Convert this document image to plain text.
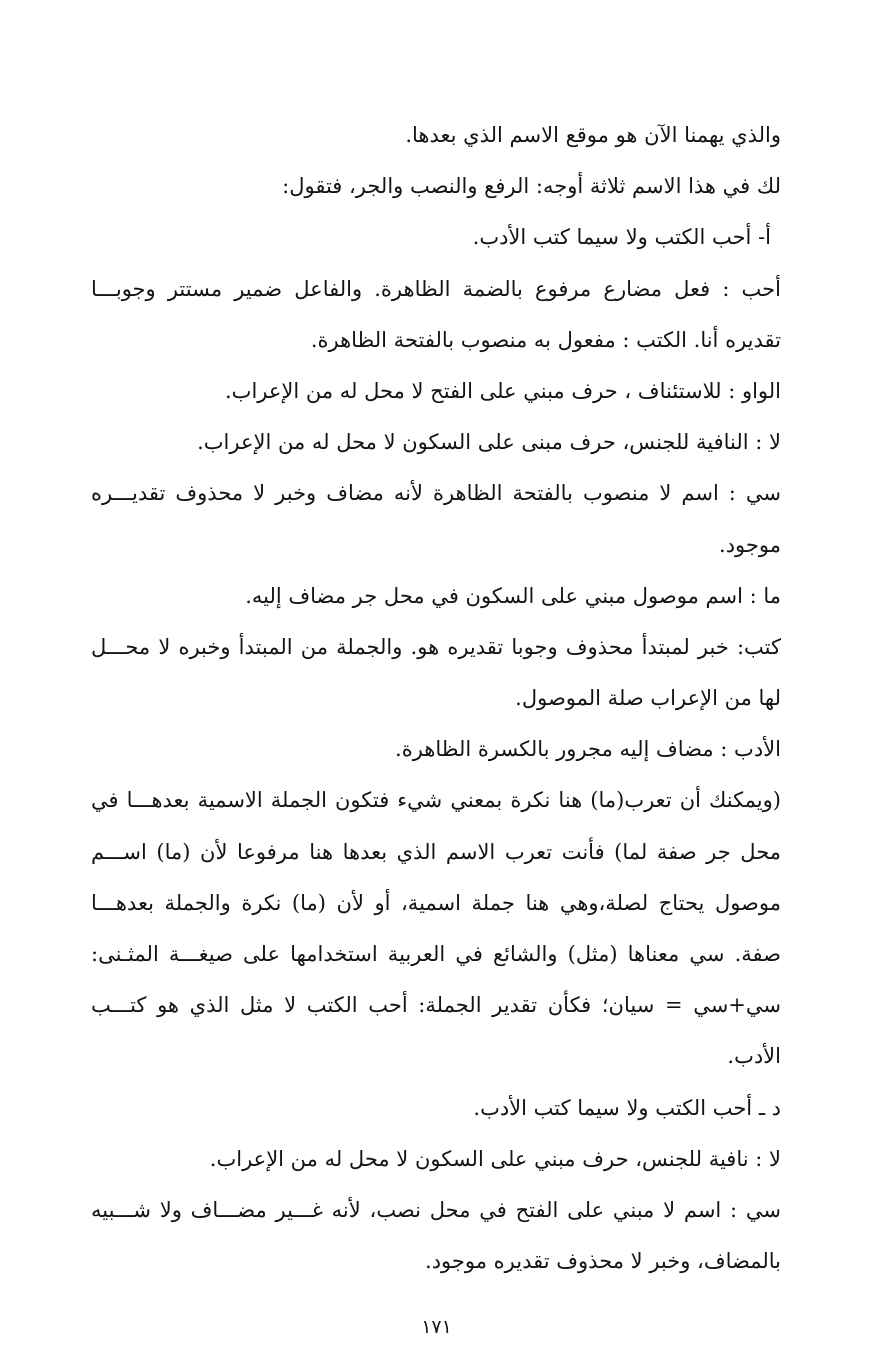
والذي يهمنا الآن هو موقع الاسم الذي بعدها.
لك في هذا الاسم ثلاثة أوجه: الرفع والنصب والجر، فتقول:
أ‌- أحب الكتب ولا سيما كتب الأدب.
أحب : فعل مضارع مرفوع بالضمة الظاهرة. والفاعل ضمير مستتر وجوبـــا
تقديره أنا. الكتب : مفعول به منصوب بالفتحة الظاهرة.
الواو : للاستئناف ، حرف مبني على الفتح لا محل له من الإعراب.
لا : النافية للجنس، حرف مبنى على السكون لا محل له من الإعراب.
سي : اسم لا منصوب بالفتحة الظاهرة لأنه مضاف وخبر لا محذوف تقديـــره
موجود.
ما : اسم موصول مبني على السكون في محل جر مضاف إليه.
كتب: خبر لمبتدأ محذوف وجوبا تقديره هو. والجملة من المبتدأ وخبره لا محـــل
لها من الإعراب صلة الموصول.
الأدب : مضاف إليه مجرور بالكسرة الظاهرة.
(ويمكنك أن تعرب(ما) هنا نكرة بمعني شيء فتكون الجملة الاسمية بعدهـــا في
محل جر صفة لما) فأنت تعرب الاسم الذي بعدها هنا مرفوعا لأن (ما) اســـم
موصول يحتاج لصلة،وهي هنا جملة اسمية، أو لأن (ما) نكرة والجملة بعدهـــا
صفة. سي معناها (مثل) والشائع في العربية استخدامها على صيغـــة المثـنى:
سي+سي = سيان؛ فكأن تقدير الجملة: أحب الكتب لا مثل الذي هو كتـــب
الأدب.
د ـ أحب الكتب ولا سيما كتب الأدب.
لا : نافية للجنس، حرف مبني على السكون لا محل له من الإعراب.
سي : اسم لا مبني على الفتح في محل نصب، لأنه غـــير مضـــاف ولا شـــبيه
بالمضاف، وخبر لا محذوف تقديره موجود.
١٧١
